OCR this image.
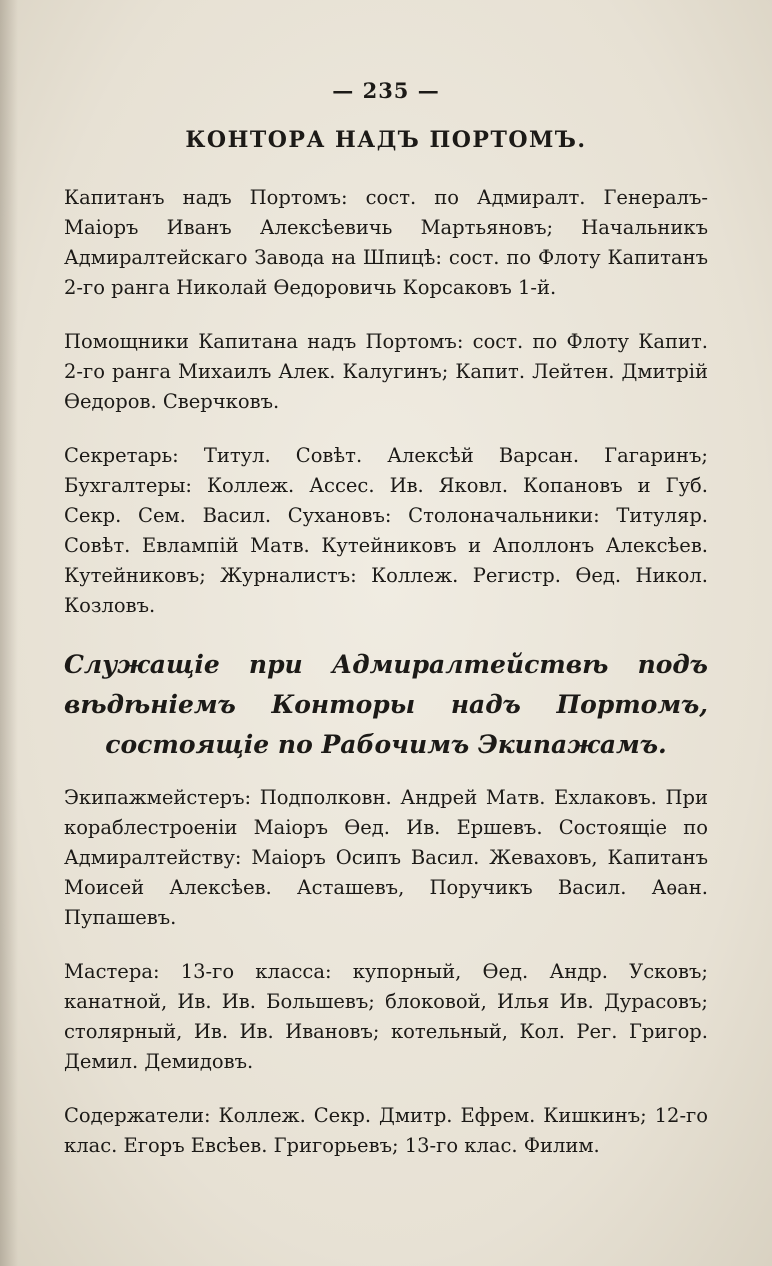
— 235 —
КОНТОРА НАДЪ ПОРТОМЪ.

Капитанъ надъ Портомъ: сост. по Адмиралт. Генералъ-Маіоръ Иванъ Алексѣевичь Мартьяновъ; Начальникъ Адмиралтейскаго Завода на Шпицѣ: сост. по Флоту Капитанъ 2-го ранга Николай Ѳедоровичь Корсаковъ 1-й.

Помощники Капитана надъ Портомъ: сост. по Флоту Капит. 2-го ранга Михаилъ Алек. Калугинъ; Капит. Лейтен. Дмитрій Ѳедоров. Сверчковъ.

Секретарь: Титул. Совѣт. Алексѣй Варсан. Гагаринъ; Бухгалтеры: Коллеж. Ассес. Ив. Яковл. Копановъ и Губ. Секр. Сем. Васил. Сухановъ: Столоначальники: Титуляр. Совѣт. Евлампій Матв. Кутейниковъ и Аполлонъ Алексѣев. Кутейниковъ; Журналистъ: Коллеж. Регистр. Ѳед. Никол. Козловъ.

Служащіе при Адмиралтействѣ подъ вѣдѣніемъ Конторы надъ Портомъ, состоящіе по Рабочимъ Экипажамъ.

Экипажмейстеръ: Подполковн. Андрей Матв. Ехлаковъ. При кораблестроеніи Маіоръ Ѳед. Ив. Ершевъ. Состоящіе по Адмиралтейству: Маіоръ Осипъ Васил. Жеваховъ, Капитанъ Моисей Алексѣев. Асташевъ, Поручикъ Васил. Аѳан. Пупашевъ.

Мастера: 13-го класса: купорный, Ѳед. Андр. Усковъ; канатной, Ив. Ив. Большевъ; блоковой, Илья Ив. Дурасовъ; столярный, Ив. Ив. Ивановъ; котельный, Кол. Рег. Григор. Демил. Демидовъ.

Содержатели: Коллеж. Секр. Дмитр. Ефрем. Кишкинъ; 12-го клас. Егоръ Евсѣев. Григорьевъ; 13-го клас. Филим.
